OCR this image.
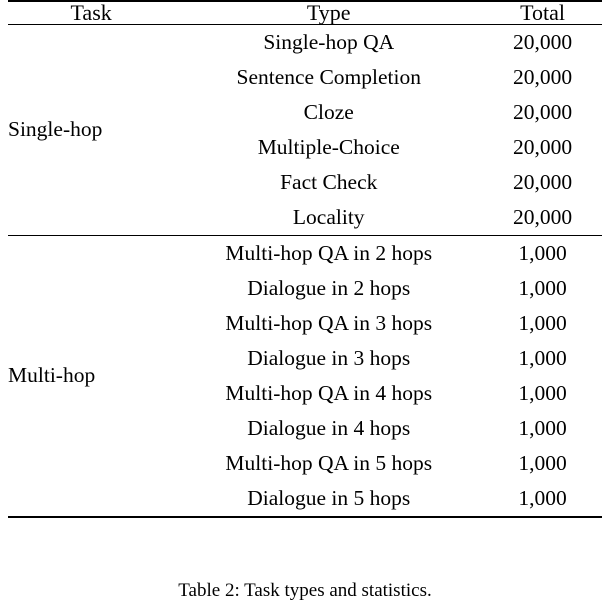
Task	Type	Total
Single-hop	Single-hop QA	20,000
	Sentence Completion	20,000
	Cloze	20,000
	Multiple-Choice	20,000
	Fact Check	20,000
	Locality	20,000
Multi-hop	Multi-hop QA in 2 hops	1,000
	Dialogue in 2 hops	1,000
	Multi-hop QA in 3 hops	1,000
	Dialogue in 3 hops	1,000
	Multi-hop QA in 4 hops	1,000
	Dialogue in 4 hops	1,000
	Multi-hop QA in 5 hops	1,000
	Dialogue in 5 hops	1,000
Table 2: Task types and statistics.
